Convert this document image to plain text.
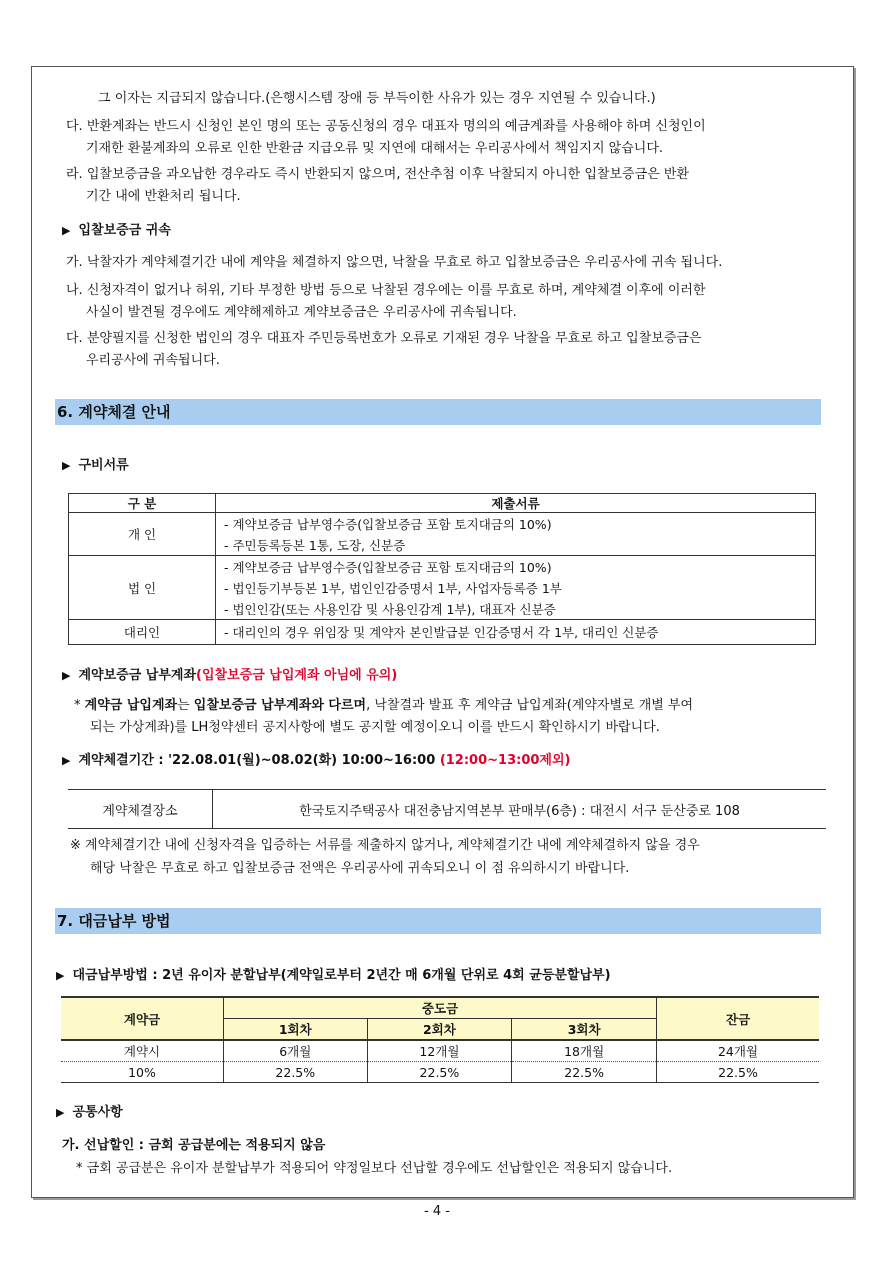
그 이자는 지급되지 않습니다.(은행시스템 장애 등 부득이한 사유가 있는 경우 지연될 수 있습니다.)
다. 반환계좌는 반드시 신청인 본인 명의 또는 공동신청의 경우 대표자 명의의 예금계좌를 사용해야 하며 신청인이
기재한 환불계좌의 오류로 인한 반환금 지급오류 및 지연에 대해서는 우리공사에서 책임지지 않습니다.
라. 입찰보증금을 과오납한 경우라도 즉시 반환되지 않으며, 전산추첨 이후 낙찰되지 아니한 입찰보증금은 반환
기간 내에 반환처리 됩니다.
▶ 입찰보증금 귀속
가. 낙찰자가 계약체결기간 내에 계약을 체결하지 않으면, 낙찰을 무효로 하고 입찰보증금은 우리공사에 귀속 됩니다.
나. 신청자격이 없거나 허위, 기타 부정한 방법 등으로 낙찰된 경우에는 이를 무효로 하며, 계약체결 이후에 이러한
사실이 발견될 경우에도 계약해제하고 계약보증금은 우리공사에 귀속됩니다.
다. 분양필지를 신청한 법인의 경우 대표자 주민등록번호가 오류로 기재된 경우 낙찰을 무효로 하고 입찰보증금은
우리공사에 귀속됩니다.
6. 계약체결 안내
▶ 구비서류
구 분	제출서류
개 인	- 계약보증금 납부영수증(입찰보증금 포함 토지대금의 10%)
	- 주민등록등본 1통, 도장, 신분증
법 인	- 계약보증금 납부영수증(입찰보증금 포함 토지대금의 10%)
	- 법인등기부등본 1부, 법인인감증명서 1부, 사업자등록증 1부
	- 법인인감(또는 사용인감 및 사용인감계 1부), 대표자 신분증
대리인	- 대리인의 경우 위임장 및 계약자 본인발급분 인감증명서 각 1부, 대리인 신분증
▶ 계약보증금 납부계좌(입찰보증금 납입계좌 아님에 유의)
* 계약금 납입계좌는 입찰보증금 납부계좌와 다르며, 낙찰결과 발표 후 계약금 납입계좌(계약자별로 개별 부여
되는 가상계좌)를 LH청약센터 공지사항에 별도 공지할 예정이오니 이를 반드시 확인하시기 바랍니다.
▶ 계약체결기간 : '22.08.01(월)~08.02(화) 10:00~16:00 (12:00~13:00제외)
계약체결장소	한국토지주택공사 대전충남지역본부 판매부(6층) : 대전시 서구 둔산중로 108
※ 계약체결기간 내에 신청자격을 입증하는 서류를 제출하지 않거나, 계약체결기간 내에 계약체결하지 않을 경우
해당 낙찰은 무효로 하고 입찰보증금 전액은 우리공사에 귀속되오니 이 점 유의하시기 바랍니다.
7. 대금납부 방법
▶ 대금납부방법 : 2년 유이자 분할납부(계약일로부터 2년간 매 6개월 단위로 4회 균등분할납부)
계약금	중도금			잔금
	1회차	2회차	3회차	
계약시	6개월	12개월	18개월	24개월
10%	22.5%	22.5%	22.5%	22.5%
▶ 공통사항
가. 선납할인 : 금회 공급분에는 적용되지 않음
* 금회 공급분은 유이자 분할납부가 적용되어 약정일보다 선납할 경우에도 선납할인은 적용되지 않습니다.
- 4 -
